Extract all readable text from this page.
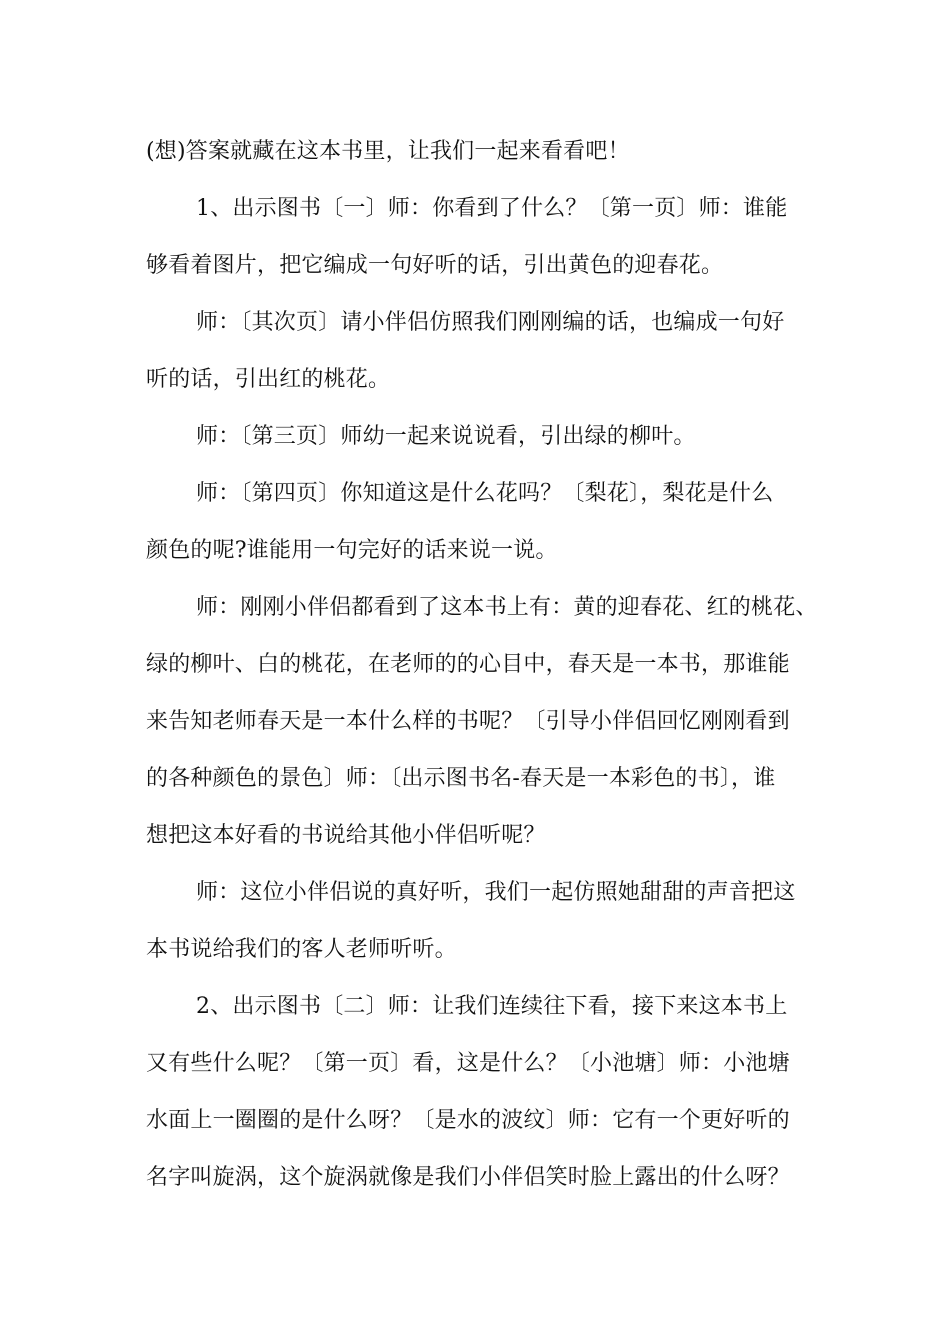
(想)答案就藏在这本书里，让我们一起来看看吧！
1、出示图书〔一〕师：你看到了什么？〔第一页〕师：谁能
够看着图片，把它编成一句好听的话，引出黄色的迎春花。
师：〔其次页〕请小伴侣仿照我们刚刚编的话，也编成一句好
听的话，引出红的桃花。
师：〔第三页〕师幼一起来说说看，引出绿的柳叶。
师：〔第四页〕你知道这是什么花吗？〔梨花〕，梨花是什么
颜色的呢?谁能用一句完好的话来说一说。
师：刚刚小伴侣都看到了这本书上有：黄的迎春花、红的桃花、
绿的柳叶、白的桃花，在老师的的心目中，春天是一本书，那谁能
来告知老师春天是一本什么样的书呢？〔引导小伴侣回忆刚刚看到
的各种颜色的景色〕师：〔出示图书名-春天是一本彩色的书〕，谁
想把这本好看的书说给其他小伴侣听呢？
师：这位小伴侣说的真好听，我们一起仿照她甜甜的声音把这
本书说给我们的客人老师听听。
2、出示图书〔二〕师：让我们连续往下看，接下来这本书上
又有些什么呢？〔第一页〕看，这是什么？〔小池塘〕师：小池塘
水面上一圈圈的是什么呀？〔是水的波纹〕师：它有一个更好听的
名字叫旋涡，这个旋涡就像是我们小伴侣笑时脸上露出的什么呀？
